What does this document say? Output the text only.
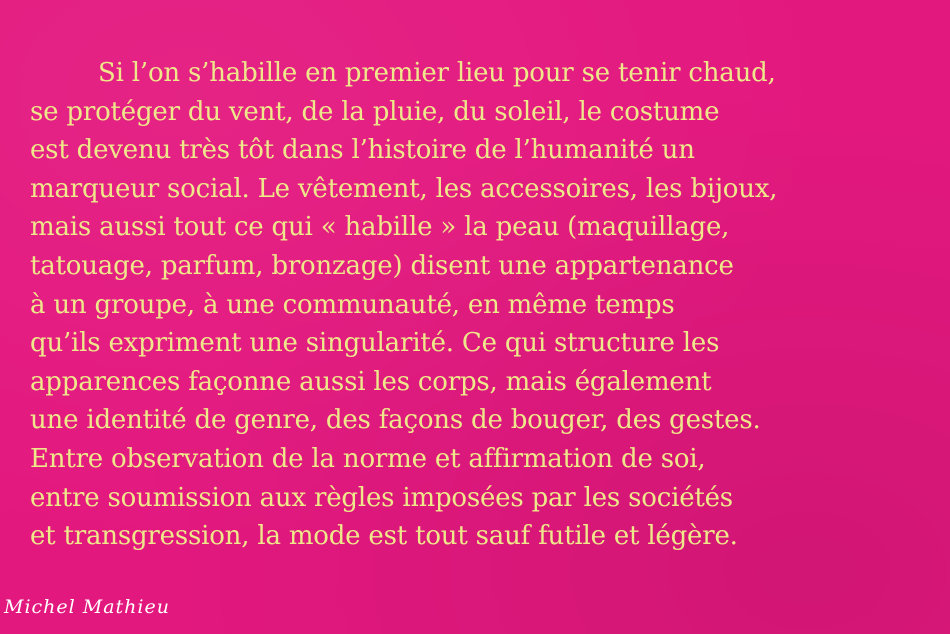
Si l’on s’habille en premier lieu pour se tenir chaud,
se protéger du vent, de la pluie, du soleil, le costume
est devenu très tôt dans l’histoire de l’humanité un
marqueur social. Le vêtement, les accessoires, les bijoux,
mais aussi tout ce qui « habille » la peau (maquillage,
tatouage, parfum, bronzage) disent une appartenance
à un groupe, à une communauté, en même temps
qu’ils expriment une singularité. Ce qui structure les
apparences façonne aussi les corps, mais également
une identité de genre, des façons de bouger, des gestes.
Entre observation de la norme et affirmation de soi,
entre soumission aux règles imposées par les sociétés
et transgression, la mode est tout sauf futile et légère.
Michel Mathieu
